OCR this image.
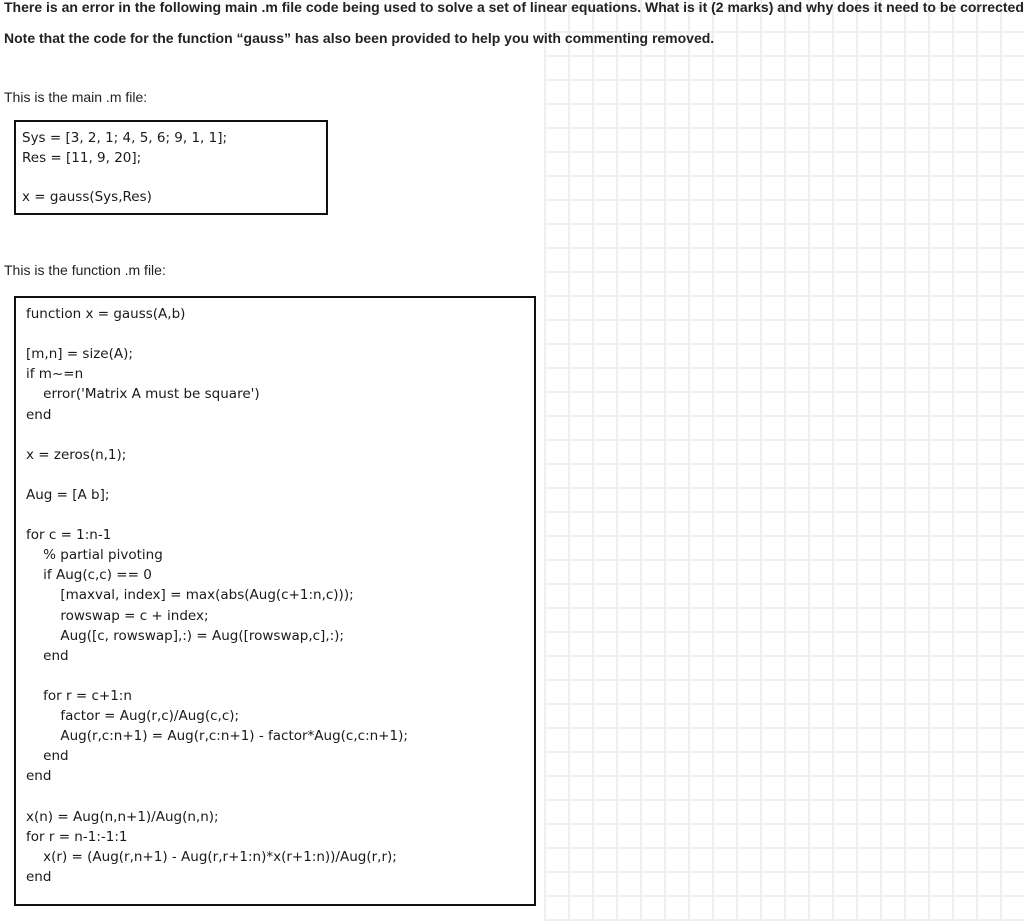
There is an error in the following main .m file code being used to solve a set of linear equations. What is it (2 marks) and why does it need to be corrected

Note that the code for the function “gauss” has also been provided to help you with commenting removed.

This is the main .m file:

Sys = [3, 2, 1; 4, 5, 6; 9, 1, 1];
Res = [11, 9, 20];
x = gauss(Sys,Res)

This is the function .m file:

function x = gauss(A,b)
[m,n] = size(A);
if m~=n
error('Matrix A must be square')
end
x = zeros(n,1);
Aug = [A b];
for c = 1:n-1
% partial pivoting
if Aug(c,c) == 0
[maxval, index] = max(abs(Aug(c+1:n,c)));
rowswap = c + index;
Aug([c, rowswap],:) = Aug([rowswap,c],:);
end
for r = c+1:n
factor = Aug(r,c)/Aug(c,c);
Aug(r,c:n+1) = Aug(r,c:n+1) - factor*Aug(c,c:n+1);
end
end
x(n) = Aug(n,n+1)/Aug(n,n);
for r = n-1:-1:1
x(r) = (Aug(r,n+1) - Aug(r,r+1:n)*x(r+1:n))/Aug(r,r);
end
